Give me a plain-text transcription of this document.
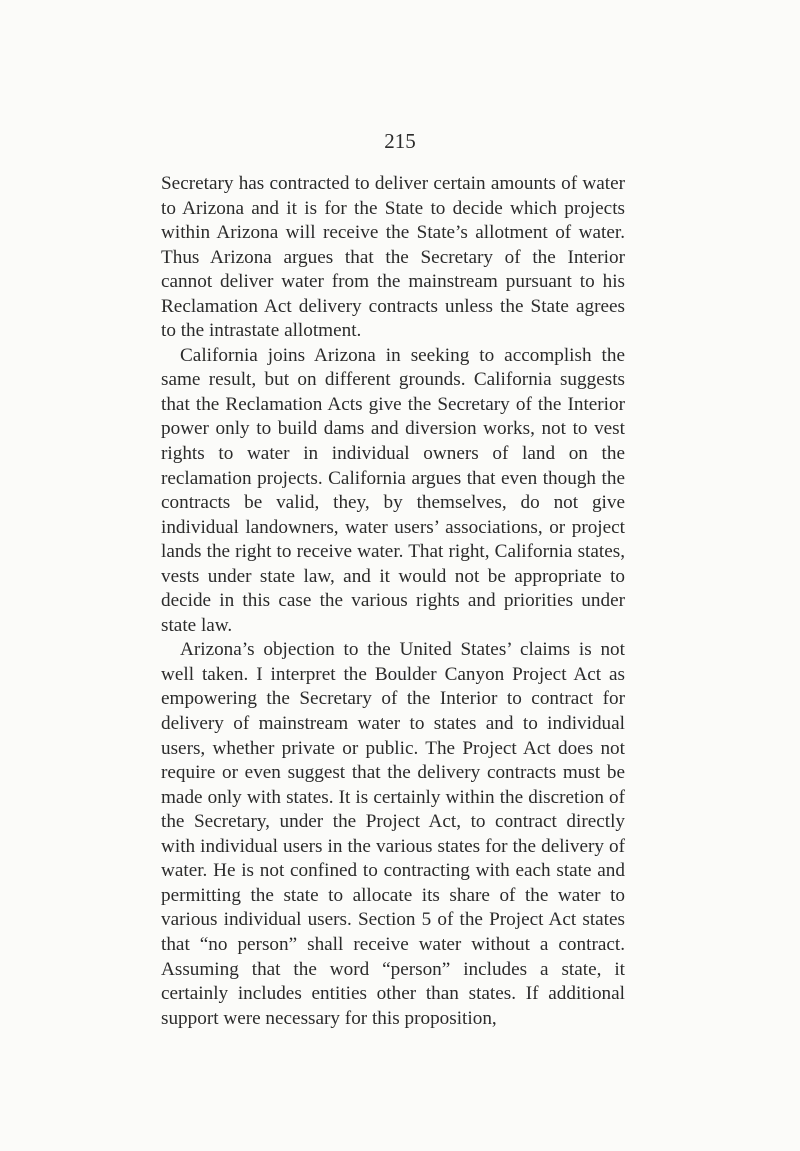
215

Secretary has contracted to deliver certain amounts of water to Arizona and it is for the State to decide which projects within Arizona will receive the State’s allotment of water. Thus Arizona argues that the Secretary of the Interior cannot deliver water from the mainstream pursuant to his Reclamation Act delivery contracts unless the State agrees to the intrastate allotment.

California joins Arizona in seeking to accomplish the same result, but on different grounds. California suggests that the Reclamation Acts give the Secretary of the Interior power only to build dams and diversion works, not to vest rights to water in individual owners of land on the reclamation projects. California argues that even though the contracts be valid, they, by themselves, do not give individual landowners, water users’ associations, or project lands the right to receive water. That right, California states, vests under state law, and it would not be appropriate to decide in this case the various rights and priorities under state law.

Arizona’s objection to the United States’ claims is not well taken. I interpret the Boulder Canyon Project Act as empowering the Secretary of the Interior to contract for delivery of mainstream water to states and to individual users, whether private or public. The Project Act does not require or even suggest that the delivery contracts must be made only with states. It is certainly within the discretion of the Secretary, under the Project Act, to contract directly with individual users in the various states for the delivery of water. He is not confined to contracting with each state and permitting the state to allocate its share of the water to various individual users. Section 5 of the Project Act states that “no person” shall receive water without a contract. Assuming that the word “person” includes a state, it certainly includes entities other than states. If additional support were necessary for this proposition,
